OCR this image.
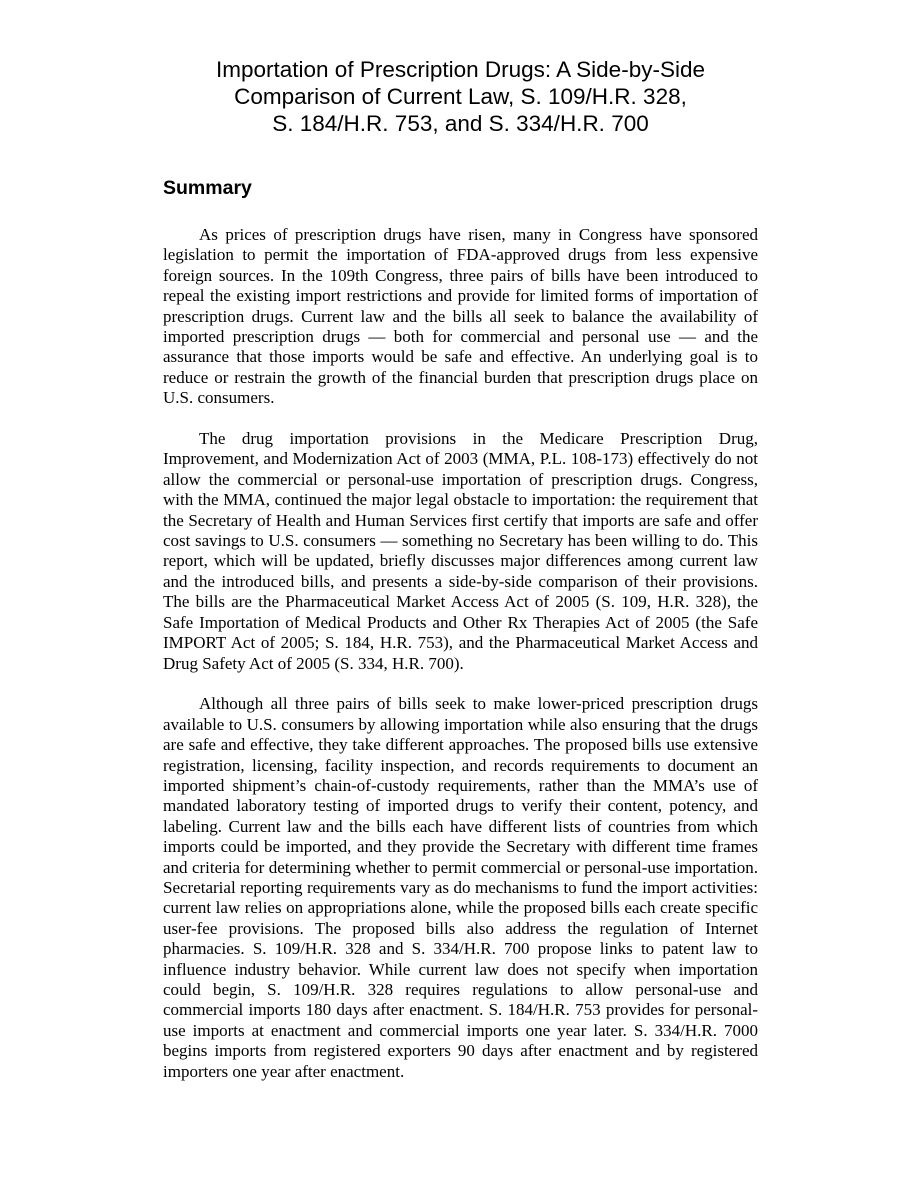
Importation of Prescription Drugs: A Side-by-Side
Comparison of Current Law, S. 109/H.R. 328,
S. 184/H.R. 753, and S. 334/H.R. 700
Summary

As prices of prescription drugs have risen, many in Congress have sponsored legislation to permit the importation of FDA-approved drugs from less expensive foreign sources. In the 109th Congress, three pairs of bills have been introduced to repeal the existing import restrictions and provide for limited forms of importation of prescription drugs. Current law and the bills all seek to balance the availability of imported prescription drugs — both for commercial and personal use — and the assurance that those imports would be safe and effective. An underlying goal is to reduce or restrain the growth of the financial burden that prescription drugs place on U.S. consumers.

The drug importation provisions in the Medicare Prescription Drug, Improvement, and Modernization Act of 2003 (MMA, P.L. 108-173) effectively do not allow the commercial or personal-use importation of prescription drugs. Congress, with the MMA, continued the major legal obstacle to importation: the requirement that the Secretary of Health and Human Services first certify that imports are safe and offer cost savings to U.S. consumers — something no Secretary has been willing to do. This report, which will be updated, briefly discusses major differences among current law and the introduced bills, and presents a side-by-side comparison of their provisions. The bills are the Pharmaceutical Market Access Act of 2005 (S. 109, H.R. 328), the Safe Importation of Medical Products and Other Rx Therapies Act of 2005 (the Safe IMPORT Act of 2005; S. 184, H.R. 753), and the Pharmaceutical Market Access and Drug Safety Act of 2005 (S. 334, H.R. 700).

Although all three pairs of bills seek to make lower-priced prescription drugs available to U.S. consumers by allowing importation while also ensuring that the drugs are safe and effective, they take different approaches. The proposed bills use extensive registration, licensing, facility inspection, and records requirements to document an imported shipment’s chain-of-custody requirements, rather than the MMA’s use of mandated laboratory testing of imported drugs to verify their content, potency, and labeling. Current law and the bills each have different lists of countries from which imports could be imported, and they provide the Secretary with different time frames and criteria for determining whether to permit commercial or personal-use importation. Secretarial reporting requirements vary as do mechanisms to fund the import activities: current law relies on appropriations alone, while the proposed bills each create specific user-fee provisions. The proposed bills also address the regulation of Internet pharmacies. S. 109/H.R. 328 and S. 334/H.R. 700 propose links to patent law to influence industry behavior. While current law does not specify when importation could begin, S. 109/H.R. 328 requires regulations to allow personal-use and commercial imports 180 days after enactment. S. 184/H.R. 753 provides for personal-use imports at enactment and commercial imports one year later. S. 334/H.R. 7000 begins imports from registered exporters 90 days after enactment and by registered importers one year after enactment.
